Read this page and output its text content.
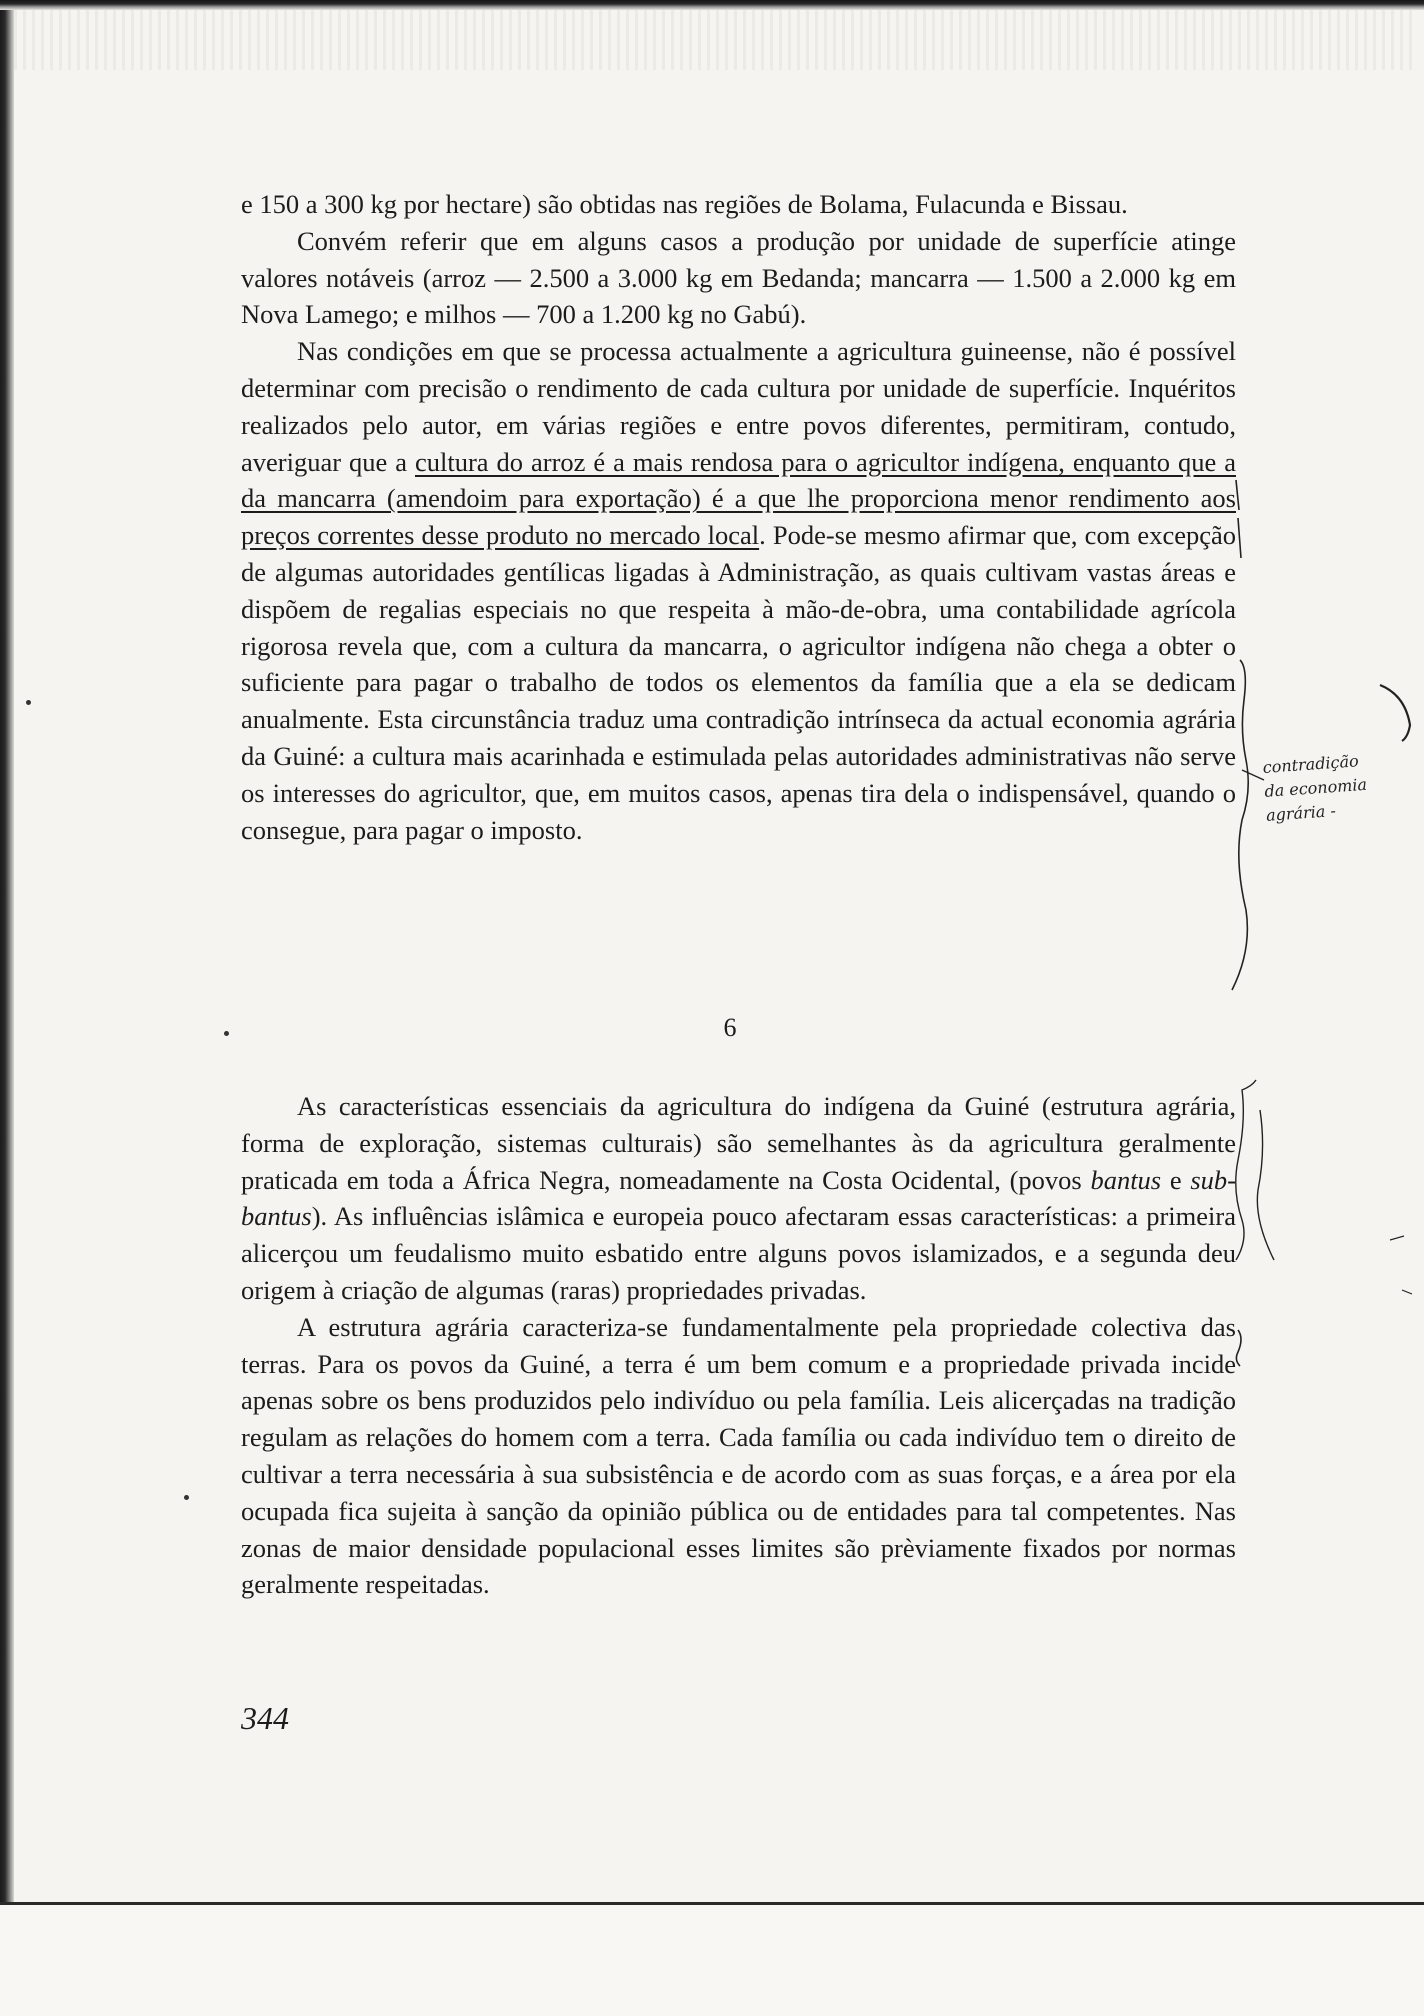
e 150 a 300 kg por hectare) são obtidas nas regiões de Bolama, Fulacunda e Bissau.

Convém referir que em alguns casos a produção por unidade de superfície atinge valores notáveis (arroz — 2.500 a 3.000 kg em Bedanda; mancarra — 1.500 a 2.000 kg em Nova Lamego; e milhos — 700 a 1.200 kg no Gabú).

Nas condições em que se processa actualmente a agricultura guineense, não é possível determinar com precisão o rendimento de cada cultura por unidade de superfície. Inquéritos realizados pelo autor, em várias regiões e entre povos diferentes, permitiram, contudo, averiguar que a cultura do arroz é a mais rendosa para o agricultor indígena, enquanto que a da mancarra (amendoim para exportação) é a que lhe proporciona menor rendimento aos preços correntes desse produto no mercado local. Pode-se mesmo afirmar que, com excepção de algumas autoridades gentílicas ligadas à Administração, as quais cultivam vastas áreas e dispõem de regalias especiais no que respeita à mão-de-obra, uma contabilidade agrícola rigorosa revela que, com a cultura da mancarra, o agricultor indígena não chega a obter o suficiente para pagar o trabalho de todos os elementos da família que a ela se dedicam anualmente. Esta circunstância traduz uma contradição intrínseca da actual economia agrária da Guiné: a cultura mais acarinhada e estimulada pelas autoridades administrativas não serve os interesses do agricultor, que, em muitos casos, apenas tira dela o indispensável, quando o consegue, para pagar o imposto.

6

As características essenciais da agricultura do indígena da Guiné (estrutura agrária, forma de exploração, sistemas culturais) são semelhantes às da agricultura geralmente praticada em toda a África Negra, nomeadamente na Costa Ocidental, (povos bantus e sub-bantus). As influências islâmica e europeia pouco afectaram essas características: a primeira alicerçou um feudalismo muito esbatido entre alguns povos islamizados, e a segunda deu origem à criação de algumas (raras) propriedades privadas.

A estrutura agrária caracteriza-se fundamentalmente pela propriedade colectiva das terras. Para os povos da Guiné, a terra é um bem comum e a propriedade privada incide apenas sobre os bens produzidos pelo indivíduo ou pela família. Leis alicerçadas na tradição regulam as relações do homem com a terra. Cada família ou cada indivíduo tem o direito de cultivar a terra necessária à sua subsistência e de acordo com as suas forças, e a área por ela ocupada fica sujeita à sanção da opinião pública ou de entidades para tal competentes. Nas zonas de maior densidade populacional esses limites são prèviamente fixados por normas geralmente respeitadas.

344
contradição
da economia
agrária -
